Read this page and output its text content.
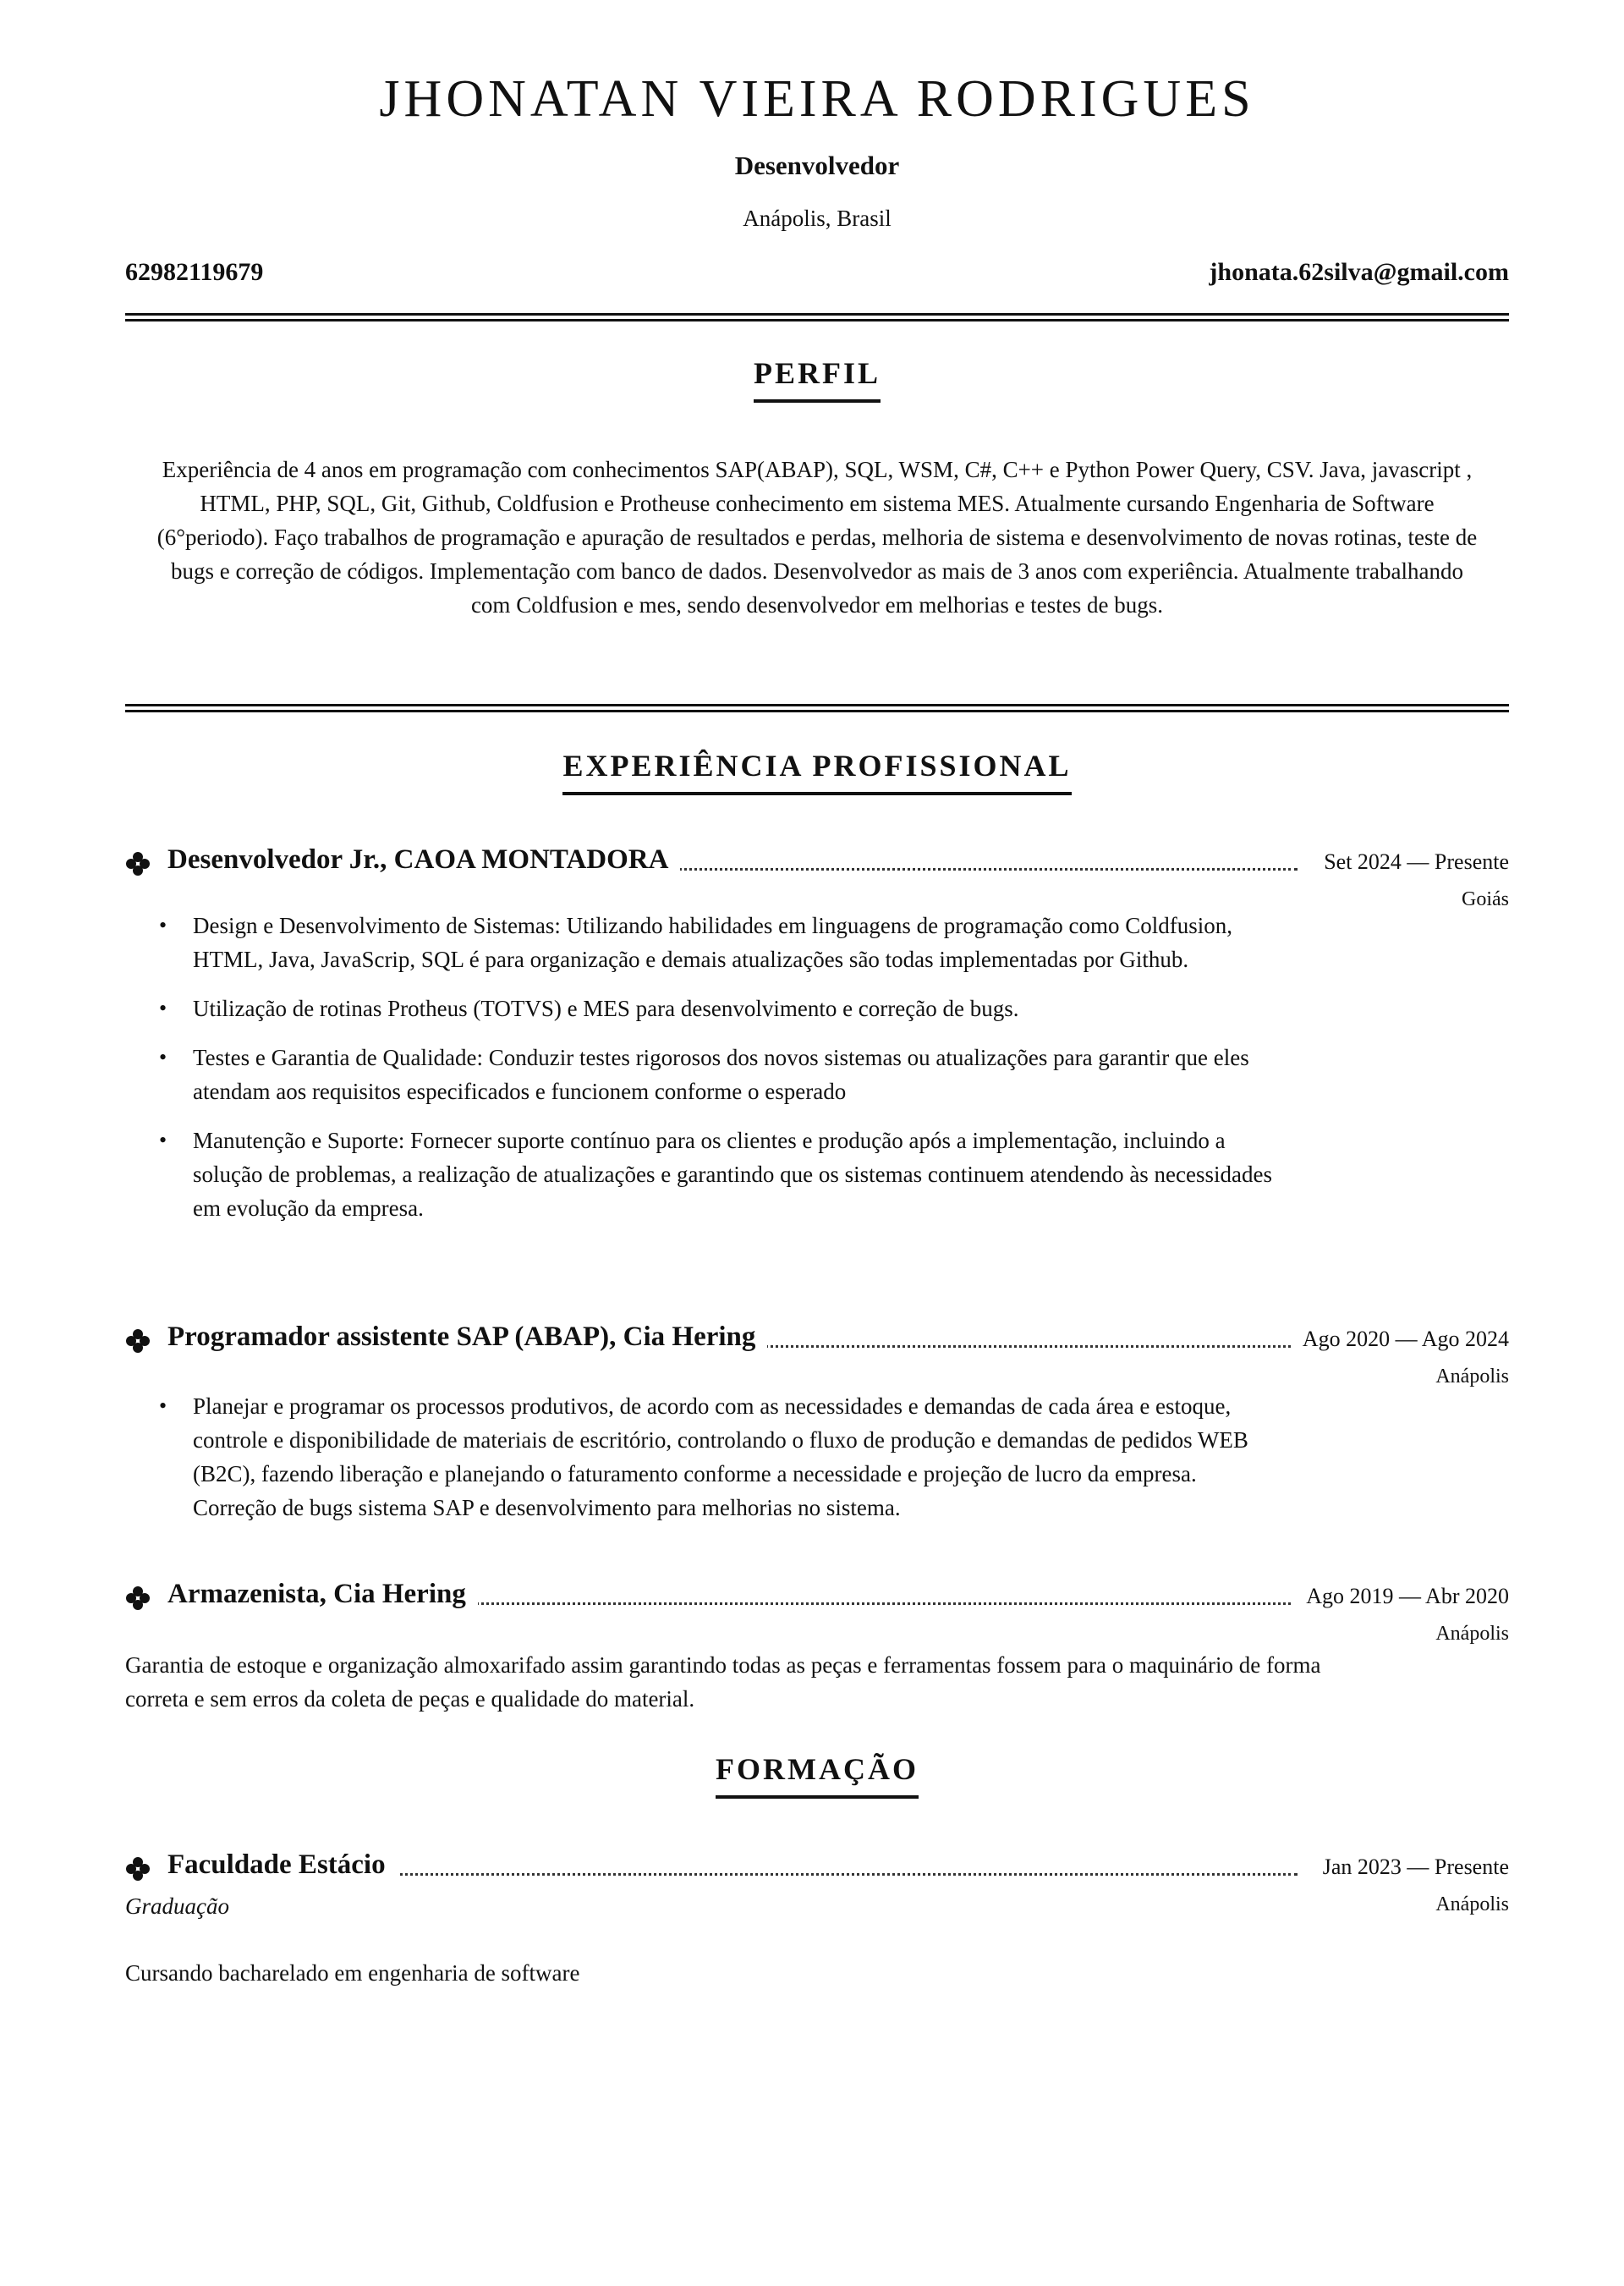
JHONATAN VIEIRA RODRIGUES
Desenvolvedor
Anápolis, Brasil
62982119679	jhonata.62silva@gmail.com
PERFIL
Experiência de 4 anos em programação com conhecimentos SAP(ABAP), SQL, WSM, C#, C++ e Python Power Query, CSV. Java, javascript , HTML, PHP, SQL, Git, Github, Coldfusion e Protheuse conhecimento em sistema MES. Atualmente cursando Engenharia de Software (6°periodo). Faço trabalhos de programação e apuração de resultados e perdas, melhoria de sistema e desenvolvimento de novas rotinas, teste de bugs e correção de códigos. Implementação com banco de dados. Desenvolvedor as mais de 3 anos com experiência. Atualmente trabalhando com Coldfusion e mes, sendo desenvolvedor em melhorias e testes de bugs.
EXPERIÊNCIA PROFISSIONAL
Desenvolvedor Jr., CAOA MONTADORA	Set 2024 — Presente
Goiás
• Design e Desenvolvimento de Sistemas: Utilizando habilidades em linguagens de programação como Coldfusion, HTML, Java, JavaScrip, SQL é para organização e demais atualizações são todas implementadas por Github.
• Utilização de rotinas Protheus (TOTVS) e MES para desenvolvimento e correção de bugs.
• Testes e Garantia de Qualidade: Conduzir testes rigorosos dos novos sistemas ou atualizações para garantir que eles atendam aos requisitos especificados e funcionem conforme o esperado
• Manutenção e Suporte: Fornecer suporte contínuo para os clientes e produção após a implementação, incluindo a solução de problemas, a realização de atualizações e garantindo que os sistemas continuem atendendo às necessidades em evolução da empresa.
Programador assistente SAP (ABAP), Cia Hering	Ago 2020 — Ago 2024
Anápolis
• Planejar e programar os processos produtivos, de acordo com as necessidades e demandas de cada área e estoque, controle e disponibilidade de materiais de escritório, controlando o fluxo de produção e demandas de pedidos WEB (B2C), fazendo liberação e planejando o faturamento conforme a necessidade e projeção de lucro da empresa. Correção de bugs sistema SAP e desenvolvimento para melhorias no sistema.
Armazenista, Cia Hering	Ago 2019 — Abr 2020
Anápolis
Garantia de estoque e organização almoxarifado assim garantindo todas as peças e ferramentas fossem para o maquinário de forma correta e sem erros da coleta de peças e qualidade do material.
FORMAÇÃO
Faculdade Estácio	Jan 2023 — Presente
Graduação	Anápolis
Cursando bacharelado em engenharia de software
